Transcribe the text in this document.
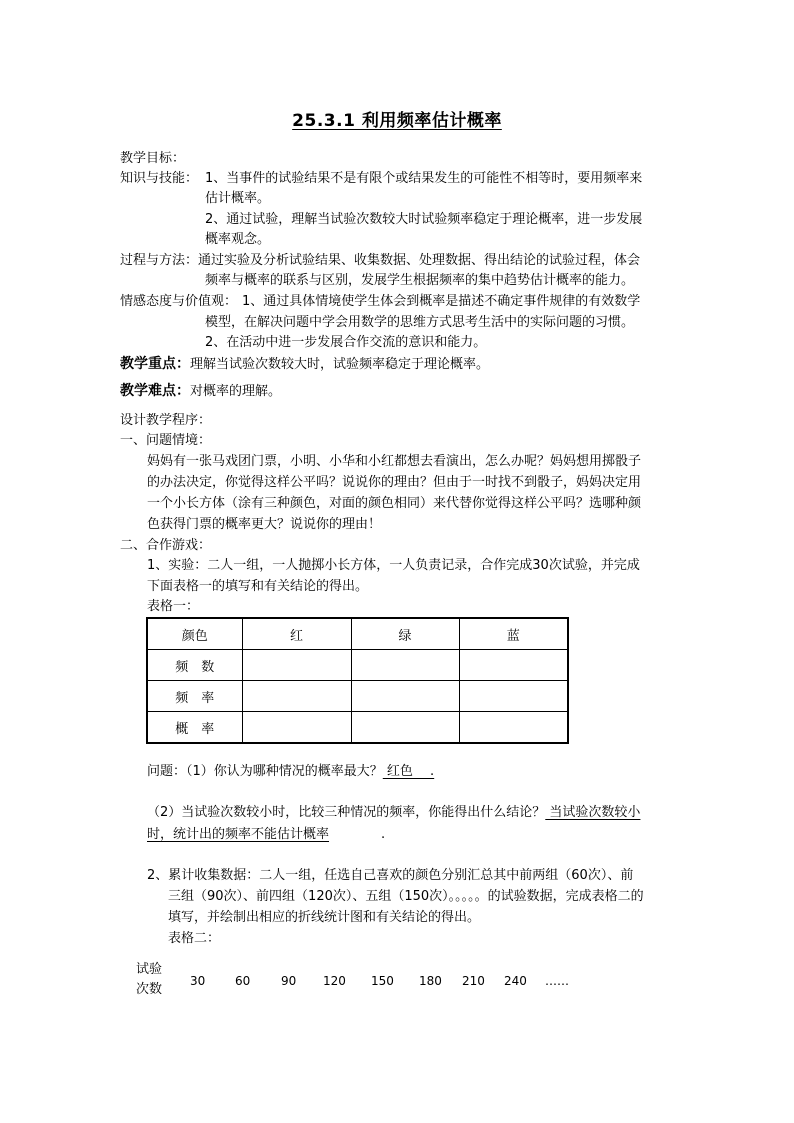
25.3.1 利用频率估计概率
教学目标：
知识与技能： 1、当事件的试验结果不是有限个或结果发生的可能性不相等时，要用频率来
估计概率。
2、通过试验，理解当试验次数较大时试验频率稳定于理论概率，进一步发展
概率观念。
过程与方法： 通过实验及分析试验结果、收集数据、处理数据、得出结论的试验过程，体会
频率与概率的联系与区别，发展学生根据频率的集中趋势估计概率的能力。
情感态度与价值观： 1、通过具体情境使学生体会到概率是描述不确定事件规律的有效数学
模型，在解决问题中学会用数学的思维方式思考生活中的实际问题的习惯。
2、在活动中进一步发展合作交流的意识和能力。
教学重点：理解当试验次数较大时，试验频率稳定于理论概率。
教学难点：对概率的理解。
设计教学程序：
一、问题情境：
妈妈有一张马戏团门票，小明、小华和小红都想去看演出，怎么办呢？妈妈想用掷骰子
的办法决定，你觉得这样公平吗？说说你的理由？但由于一时找不到骰子，妈妈决定用
一个小长方体（涂有三种颜色，对面的颜色相同）来代替你觉得这样公平吗？选哪种颜
色获得门票的概率更大？说说你的理由！
二、合作游戏：
1、实验：二人一组，一人抛掷小长方体，一人负责记录，合作完成30次试验，并完成
下面表格一的填写和有关结论的得出。
表格一：
颜色	红	绿	蓝
频　数			
频　率			
概　率			
问题：（1）你认为哪种情况的概率最大？ 红色　 .
（2）当试验次数较小时，比较三种情况的频率，你能得出什么结论？ 当试验次数较小
时，统计出的频率不能估计概率	.
2、累计收集数据：二人一组，任选自己喜欢的颜色分别汇总其中前两组（60次）、前
三组（90次）、前四组（120次）、五组（150次）。。。。。的试验数据，完成表格二的
填写，并绘制出相应的折线统计图和有关结论的得出。
表格二：
试验
次数
30 60	90 120 150 180 210 240 ……
